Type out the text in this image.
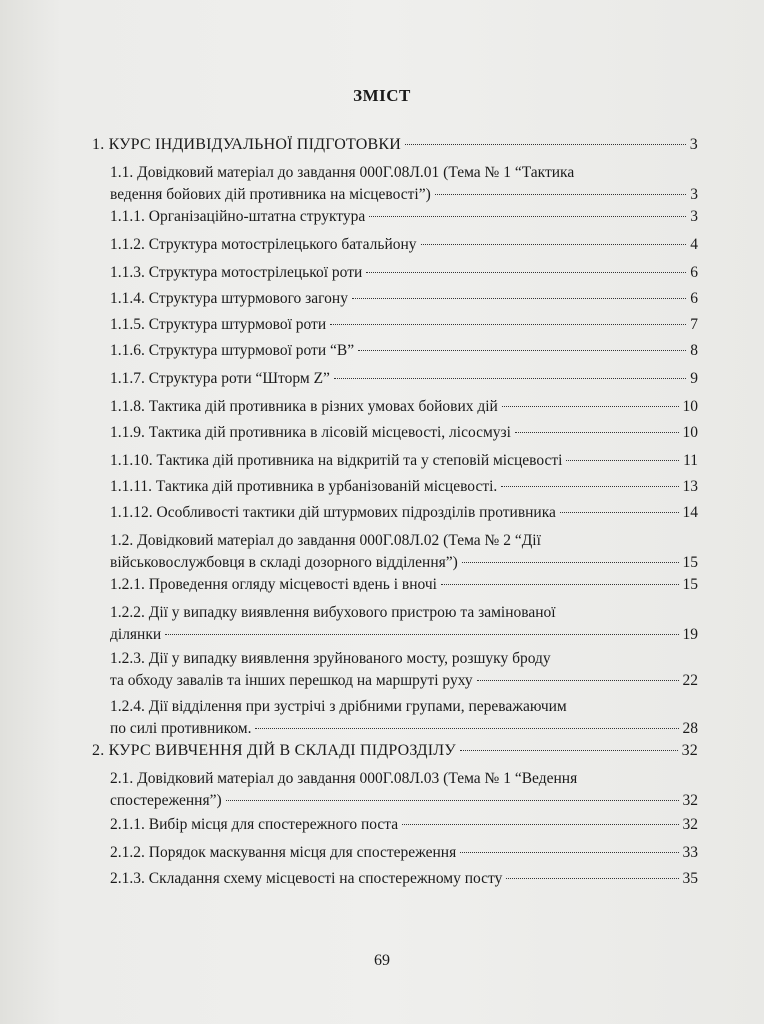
ЗМІСТ
1. КУРС ІНДИВІДУАЛЬНОЇ ПІДГОТОВКИ	3
1.1. Довідковий матеріал до завдання 000Г.08Л.01 (Тема № 1 “Тактика
ведення бойових дій противника на місцевості”)	3
1.1.1. Організаційно-штатна структура	3
1.1.2. Структура мотострілецького батальйону	4
1.1.3. Структура мотострілецької роти	6
1.1.4. Структура штурмового загону	6
1.1.5. Структура штурмової роти	7
1.1.6. Структура штурмової роти “В”	8
1.1.7. Структура роти “Шторм Z”	9
1.1.8. Тактика дій противника в різних умовах бойових дій	10
1.1.9. Тактика дій противника в лісовій місцевості, лісосмузі	10
1.1.10. Тактика дій противника на відкритій та у степовій місцевості	11
1.1.11. Тактика дій противника в урбанізованій місцевості.	13
1.1.12. Особливості тактики дій штурмових підрозділів противника	14
1.2. Довідковий матеріал до завдання 000Г.08Л.02 (Тема № 2 “Дії
військовослужбовця в складі дозорного відділення”)	15
1.2.1. Проведення огляду місцевості вдень і вночі	15
1.2.2. Дії у випадку виявлення вибухового пристрою та замінованої
ділянки	19
1.2.3. Дії у випадку виявлення зруйнованого мосту, розшуку броду
та обходу завалів та інших перешкод на маршруті руху	22
1.2.4. Дії відділення при зустрічі з дрібними групами, переважаючим
по силі противником.	28
2. КУРС ВИВЧЕННЯ ДІЙ В СКЛАДІ ПІДРОЗДІЛУ	32
2.1. Довідковий матеріал до завдання 000Г.08Л.03 (Тема № 1 “Ведення
спостереження”)	32
2.1.1. Вибір місця для спостережного поста	32
2.1.2. Порядок маскування місця для спостереження	33
2.1.3. Складання схему місцевості на спостережному посту	35
69
